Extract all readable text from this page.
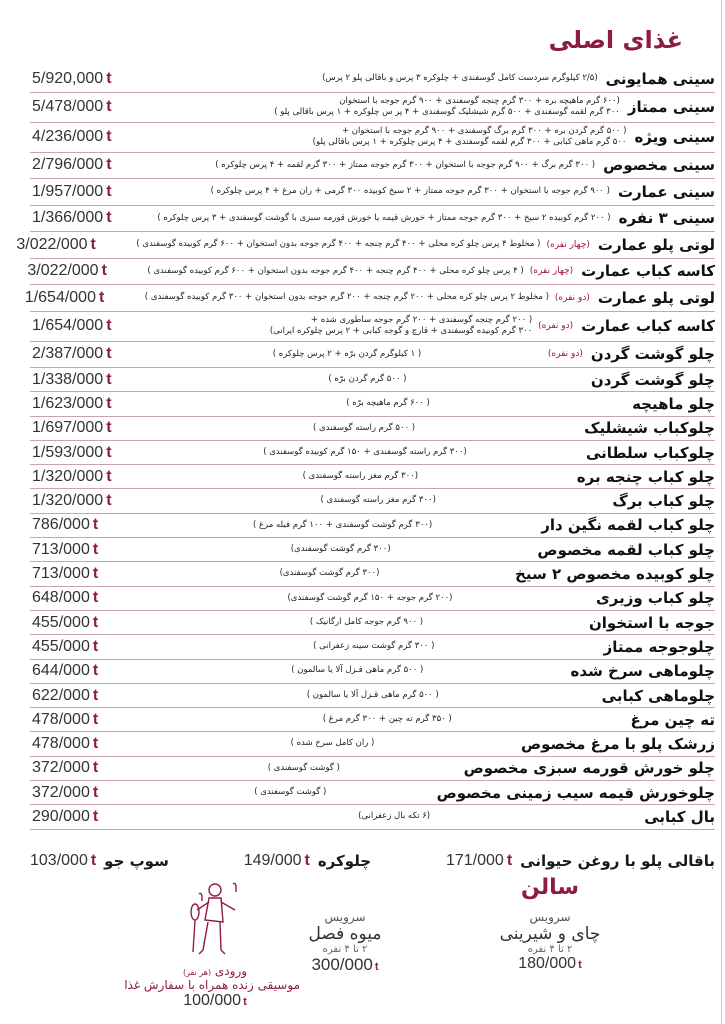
غذای اصلی
سینی همایونی
(۲/۵ کیلوگرم سردست کامل گوسفندی + چلوکره ۳ پرس و باقالی پلو ۲ پرس)
5/920,000 t
سینی ممتاز
(۶۰۰ گرم ماهیچه بره + ۳۰۰ گرم چنجه گوسفندی + ۹۰۰ گرم جوجه با استخوان
۳۰۰ گرم لقمه گوسفندی + ۵۰۰ گرم شیشلیک گوسفندی + ۴ پر س چلوکره + ۱ پرس باقالی پلو )
5/478/000 t
سینی ویژه
( ۵۰۰ گرم گردن بره + ۳۰۰ گرم برگ گوسفندی + ۹۰۰ گرم جوجه با استخوان +
۵۰۰ گرم ماهی کبابی + ۳۰۰ گرم لقمه گوسفندی + ۴ پرس چلوکره + ۱ پرس باقالی پلو)
4/236/000 t
سینی مخصوص
( ۳۰۰ گرم برگ + ۹۰۰ گرم جوجه با استخوان + ۳۰۰ گرم جوجه ممتاز + ۳۰۰ گرم لقمه + ۴ پرس چلوکره )
2/796/000 t
سینی عمارت
( ۹۰۰ گرم جوجه با استخوان + ۳۰۰ گرم جوجه ممتاز + ۲ سیخ کوبیده ۳۰۰ گرمی + ران مرغ + ۴ پرس چلوکره )
1/957/000 t
سینی ۳ نفره
( ۲۰۰ گرم کوبیده ۲ سیخ + ۳۰۰ گرم جوجه ممتاز + خورش قیمه یا خورش قورمه سبزی با گوشت گوسفندی + ۳ پرس چلوکره )
1/366/000 t
لوتی پلو عمارت
(چهار نفره)
( مخلوط ۴ پرس چلو کره محلی + ۴۰۰ گرم چنجه + ۴۰۰ گرم جوجه بدون استخوان + ۶۰۰ گرم کوبیده گوسفندی )
3/022/000 t
کاسه کباب عمارت
(چهار نفره)
( ۴ پرس چلو کره محلی + ۴۰۰ گرم چنجه + ۴۰۰ گرم جوجه بدون استخوان + ۶۰۰ گرم کوبیده گوسفندی )
3/022/000 t
لوتی پلو عمارت
(دو نفره)
( مخلوط ۲ پرس چلو کره محلی + ۲۰۰ گرم چنجه + ۲۰۰ گرم جوجه بدون استخوان + ۳۰۰ گرم کوبیده گوسفندی )
1/654/000 t
کاسه کباب عمارت
(دو نفره)
( ۲۰۰ گرم چنجه گوسفندی + ۲۰۰ گرم جوجه ساطوری شده +
۳۰۰ گرم کوبیده گوسفندی + قارچ و گوجه کبابی + ۲ پرس چلوکره ایرانی)
1/654/000 t
چلو گوشت گردن
(دو نفره)
( ۱ کیلوگرم گردن برّه + ۲ پرس چلوکره )
2/387/000 t
چلو گوشت گردن
( ۵۰۰ گرم گردن برّه )
1/338/000 t
چلو ماهیچه
( ۶۰۰ گرم ماهیچه برّه )
1/623/000 t
چلوکباب شیشلیک
( ۵۰۰ گرم راسته گوسفندی )
1/697/000 t
چلوکباب سلطانی
(۳۰۰ گرم راسته گوسفندی + ۱۵۰ گرم کوبیده گوسفندی )
1/593/000 t
چلو کباب چنجه بره
(۳۰۰ گرم مغز راسته گوسفندی )
1/320/000 t
چلو کباب برگ
(۳۰۰ گرم مغز راسته گوسفندی )
1/320/000 t
چلو کباب لقمه نگین دار
(۳۰۰ گرم گوشت گوسفندی + ۱۰۰ گرم فیله مرغ )
786/000 t
چلو کباب لقمه مخصوص
(۳۰۰ گرم گوشت گوسفندی)
713/000 t
چلو کوبیده مخصوص ۲ سیخ
(۳۰۰ گرم گوشت گوسفندی)
713/000 t
چلو کباب وزیری
(۲۰۰ گرم جوجه + ۱۵۰ گرم گوشت گوسفندی)
648/000 t
جوجه با استخوان
( ۹۰۰ گرم جوجه کامل ارگانیک )
455/000 t
چلوجوجه ممتاز
( ۳۰۰ گرم گوشت سینه زعفرانی )
455/000 t
چلوماهی سرخ شده
( ۵۰۰ گرم ماهی قـزل آلا یا سالمون )
644/000 t
چلوماهی کبابی
( ۵۰۰ گرم ماهی قـزل آلا یا سالمون )
622/000 t
ته چین مرغ
( ۳۵۰ گرم ته چین + ۳۰۰ گرم مرغ )
478/000 t
زرشک پلو با مرغ مخصوص
( ران کامل سرخ شده )
478/000 t
چلو خورش قورمه سبزی مخصوص
( گوشت گوسفندی )
372/000 t
چلوخورش قیمه سیب زمینی مخصوص
( گوشت گوسفندی )
372/000 t
بال کبابی
(۶ تکه بال زعفرانی)
290/000 t
باقالی پلو با روغن حیوانی
171/000 t
چلوکره
149/000 t
سوپ جو
103/000 t
سالن
سرویس
چای و شیرینی
۲ تا ۴ نفره
180/000 t
سرویس
میوه فصل
۲ تا ۴ نفره
300/000 t
ورودی (هر نفر)
موسیقی زنده همراه با سفارش غذا
100/000 t
